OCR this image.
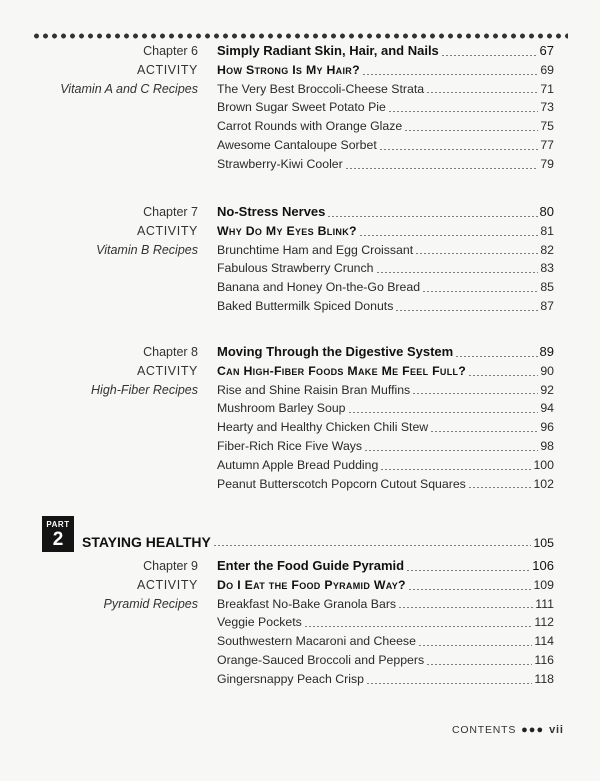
Chapter 6 Simply Radiant Skin, Hair, and Nails	67
ACTIVITY How Strong Is My Hair?	69
Vitamin A and C Recipes The Very Best Broccoli-Cheese Strata	71
Brown Sugar Sweet Potato Pie	73
Carrot Rounds with Orange Glaze	75
Awesome Cantaloupe Sorbet	77
Strawberry-Kiwi Cooler	79
Chapter 7 No-Stress Nerves	80
ACTIVITY Why Do My Eyes Blink?	81
Vitamin B Recipes Brunchtime Ham and Egg Croissant	82
Fabulous Strawberry Crunch	83
Banana and Honey On-the-Go Bread	85
Baked Buttermilk Spiced Donuts	87
Chapter 8 Moving Through the Digestive System	89
ACTIVITY Can High-Fiber Foods Make Me Feel Full?	90
High-Fiber Recipes Rise and Shine Raisin Bran Muffins	92
Mushroom Barley Soup	94
Hearty and Healthy Chicken Chili Stew	96
Fiber-Rich Rice Five Ways	98
Autumn Apple Bread Pudding	100
Peanut Butterscotch Popcorn Cutout Squares	102
PART
2	STAYING HEALTHY	105
Chapter 9 Enter the Food Guide Pyramid	106
ACTIVITY Do I Eat the Food Pyramid Way?	109
Pyramid Recipes Breakfast No-Bake Granola Bars	111
Veggie Pockets	112
Southwestern Macaroni and Cheese	114
Orange-Sauced Broccoli and Peppers	116
Gingersnappy Peach Crisp	118
CONTENTS ●●● vii
